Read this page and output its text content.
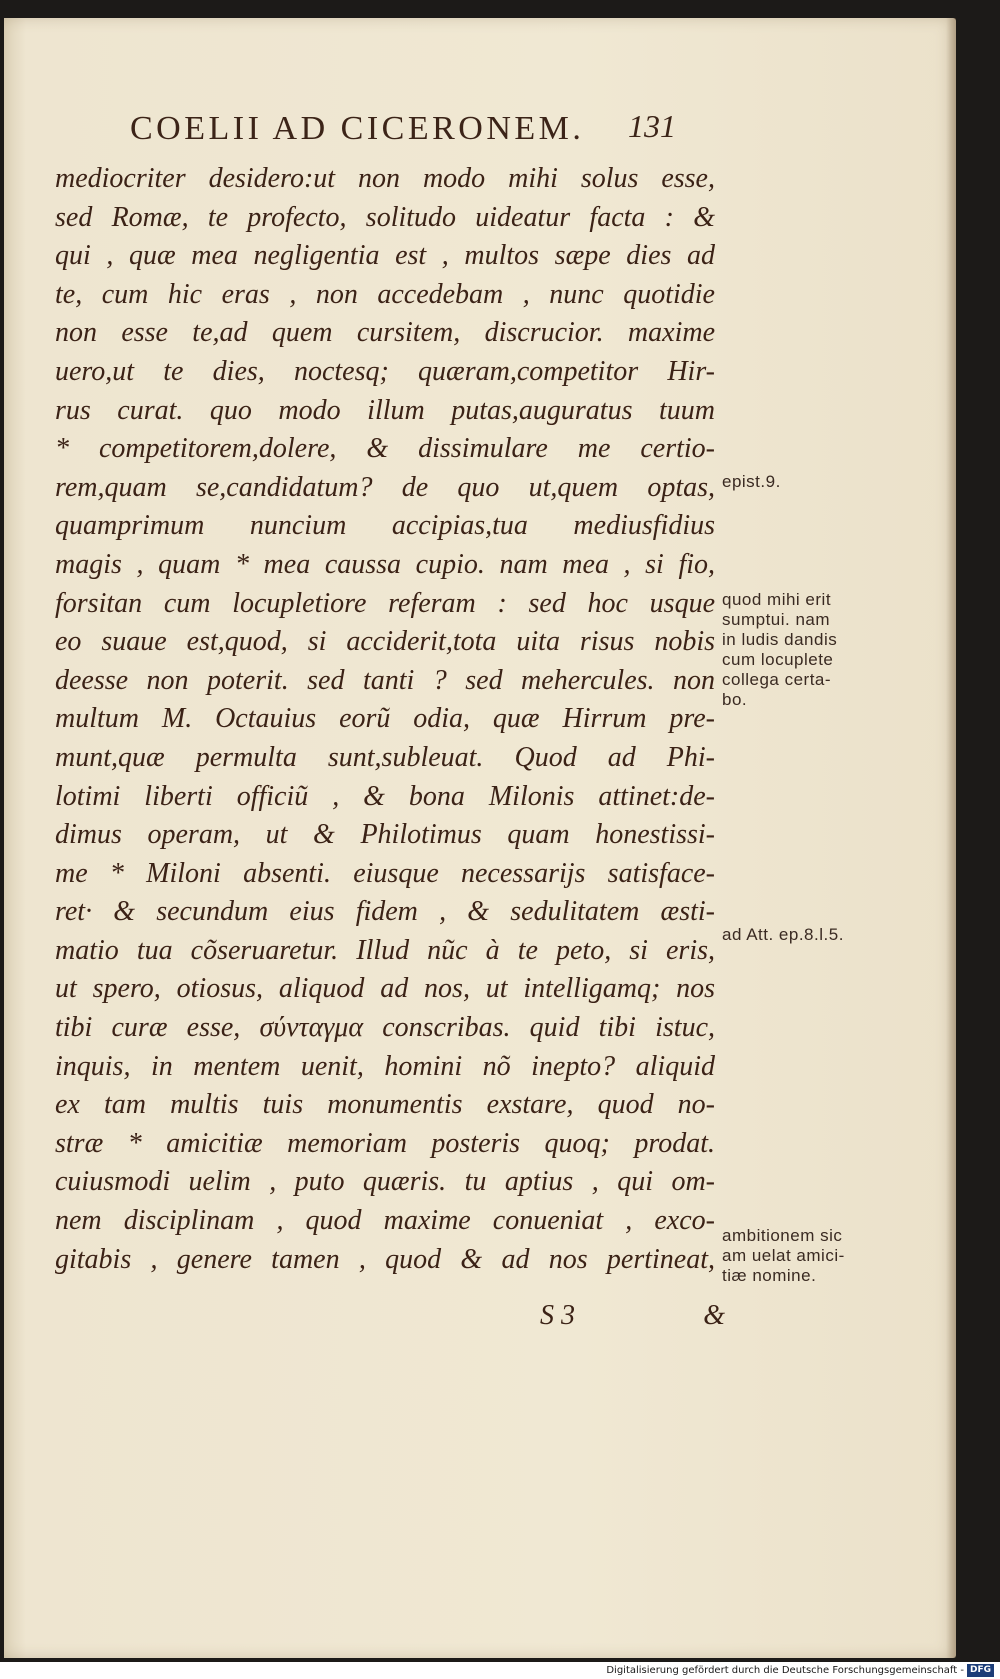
COELII AD CICERONEM. 131
mediocriter desidero:ut non modo mihi solus esse,
sed Romæ, te profecto, solitudo uideatur facta : &
qui , quæ mea negligentia est , multos sæpe dies ad
te, cum hic eras , non accedebam , nunc quotidie
non esse te,ad quem cursitem, discrucior. maxime
uero,ut te dies, noctesq; quæram,competitor Hir-
rus curat. quo modo illum putas,auguratus tuum
* competitorem,dolere, & dissimulare me certio-
rem,quam se,candidatum? de quo ut,quem optas,
quamprimum nuncium accipias,tua mediusfidius
magis , quam * mea caussa cupio. nam mea , si fio,
forsitan cum locupletiore referam : sed hoc usque
eo suaue est,quod, si acciderit,tota uita risus nobis
deesse non poterit. sed tanti ? sed mehercules. non
multum M. Octauius eorũ odia, quæ Hirrum pre-
munt,quæ permulta sunt,subleuat. Quod ad Phi-
lotimi liberti officiũ , & bona Milonis attinet:de-
dimus operam, ut & Philotimus quam honestissi-
me * Miloni absenti. eiusque necessarijs satisface-
ret· & secundum eius fidem , & sedulitatem æsti-
matio tua cõseruaretur. Illud nũc à te peto, si eris,
ut spero, otiosus, aliquod ad nos, ut intelligamq; nos
tibi curæ esse, σύνταγμα conscribas. quid tibi istuc,
inquis, in mentem uenit, homini nõ inepto? aliquid
ex tam multis tuis monumentis exstare, quod no-
stræ * amicitiæ memoriam posteris quoq; prodat.
cuiusmodi uelim , puto quæris. tu aptius , qui om-
nem disciplinam , quod maxime conueniat , exco-
gitabis , genere tamen , quod & ad nos pertineat,
S 3	&
epist.9.
quod mihi erit
sumptui. nam
in ludis dandis
cum locuplete
collega certa-
bo.
ad Att. ep.8.l.5.
ambitionem sic
am uelat amici-
tiæ nomine.
Digitalisierung gefördert durch die Deutsche Forschungsgemeinschaft - DFG
